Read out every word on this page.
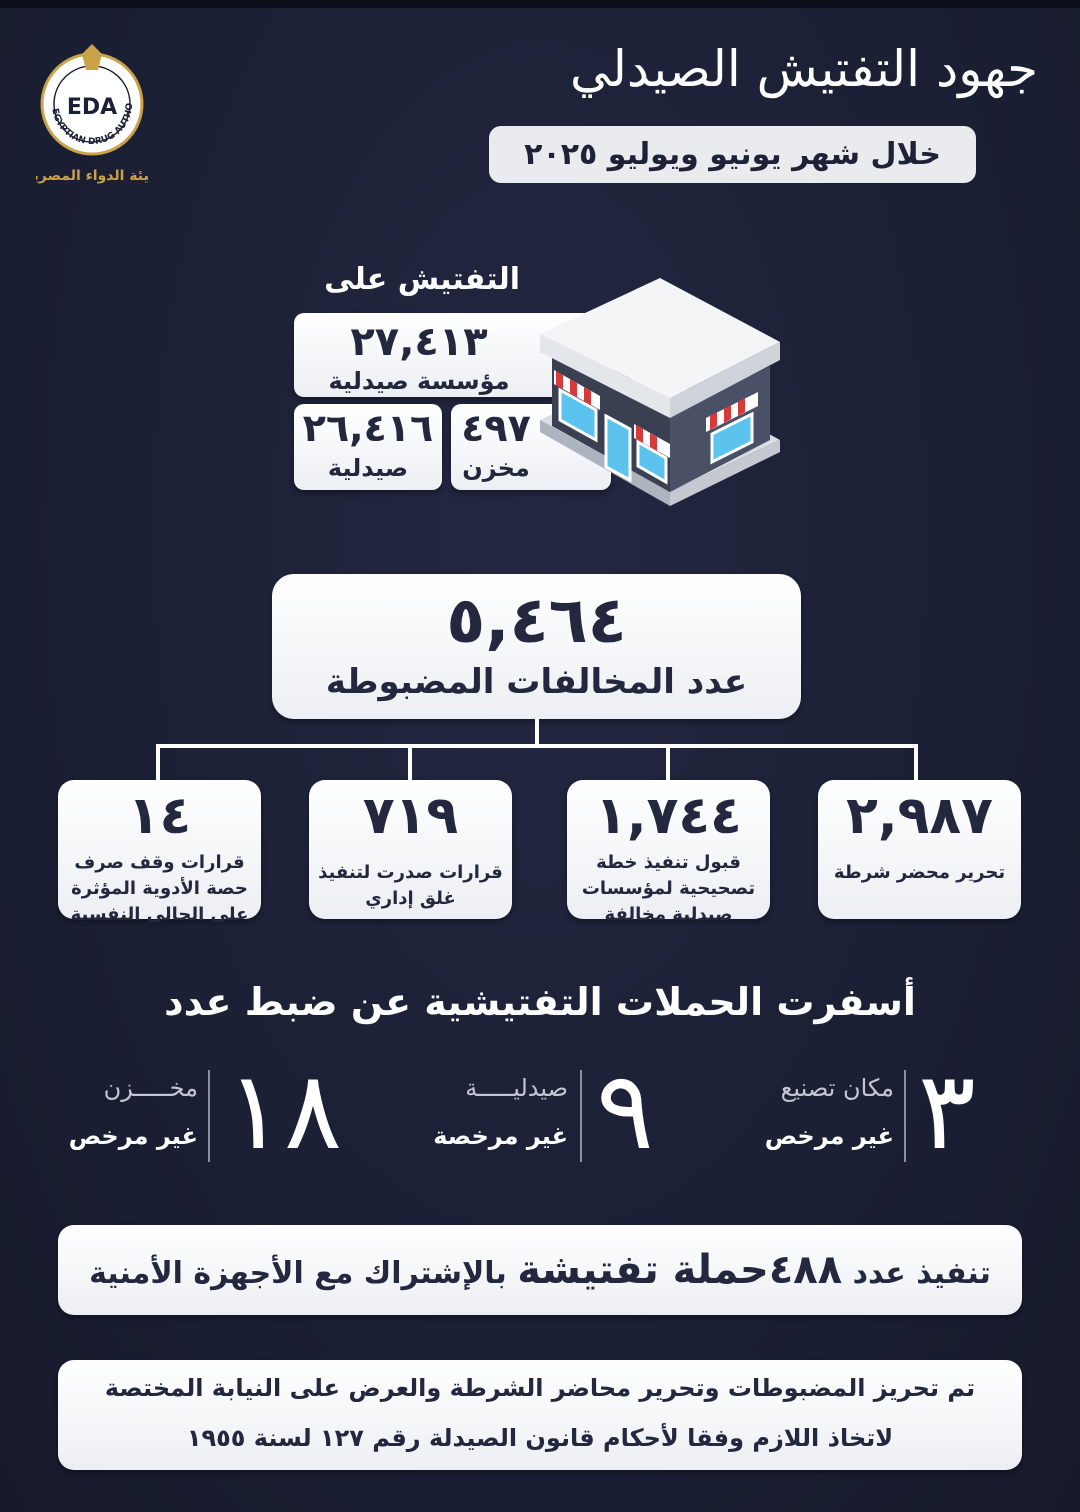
EGYPTIAN DRUG AUTHO
EDA
ئة الدواء المصر
جهود التفتيش الصيدلي
خلال شهر يونيو ويوليو ٢٠٢٥
التفتيش على
٢٧,٤١٣
مؤسسة صيدلية
٢٦,٤١٦
صيدلية
٤٩٧
مخزن
٥,٤٦٤
عدد المخالفات المضبوطة
٢,٩٨٧
تحرير محضر شرطة
١,٧٤٤
قبول تنفيذ خطة تصحيحية لمؤسسات صيدلية مخالفة
٧١٩
قرارات صدرت لتنفيذ غلق إداري
١٤
قرارات وقف صرف حصة الأدوية المؤثرة على الحالى النفسية
أسفرت الحملات التفتيشية عن ضبط عدد
٣
مكان تصنيع
غير مرخص
٩
صيدليـــــة
غير مرخصة
١٨
مخـــــزن
غير مرخص
تنفيذ عدد ٤٨٨حملة تفتيشة بالإشتراك مع الأجهزة الأمنية
تم تحريز المضبوطات وتحرير محاضر الشرطة والعرض على النيابة المختصة
لاتخاذ اللازم وفقا لأحكام قانون الصيدلة رقم ١٢٧ لسنة ١٩٥٥
